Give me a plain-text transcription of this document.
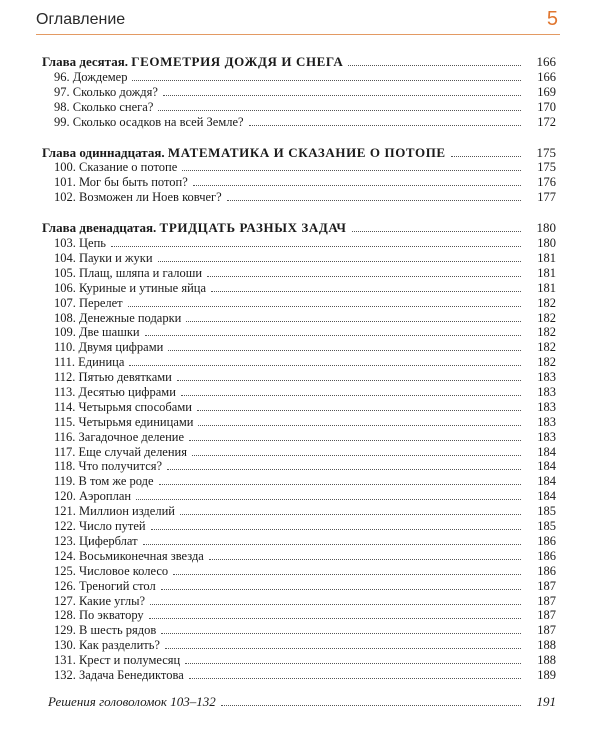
Оглавление	5
Глава десятая. ГЕОМЕТРИЯ ДОЖДЯ И СНЕГА	166
96. Дождемер	166
97. Сколько дождя?	169
98. Сколько снега?	170
99. Сколько осадков на всей Земле?	172
Глава одиннадцатая. МАТЕМАТИКА И СКАЗАНИЕ О ПОТОПЕ	175
100. Сказание о потопе	175
101. Мог бы быть потоп?	176
102. Возможен ли Ноев ковчег?	177
Глава двенадцатая. ТРИДЦАТЬ РАЗНЫХ ЗАДАЧ	180
103. Цепь	180
104. Пауки и жуки	181
105. Плащ, шляпа и галоши	181
106. Куриные и утиные яйца	181
107. Перелет	182
108. Денежные подарки	182
109. Две шашки	182
110. Двумя цифрами	182
111. Единица	182
112. Пятью девятками	183
113. Десятью цифрами	183
114. Четырьмя способами	183
115. Четырьмя единицами	183
116. Загадочное деление	183
117. Еще случай деления	184
118. Что получится?	184
119. В том же роде	184
120. Аэроплан	184
121. Миллион изделий	185
122. Число путей	185
123. Циферблат	186
124. Восьмиконечная звезда	186
125. Числовое колесо	186
126. Треногий стол	187
127. Какие углы?	187
128. По экватору	187
129. В шесть рядов	187
130. Как разделить?	188
131. Крест и полумесяц	188
132. Задача Бенедиктова	189
Решения головоломок 103–132	191
